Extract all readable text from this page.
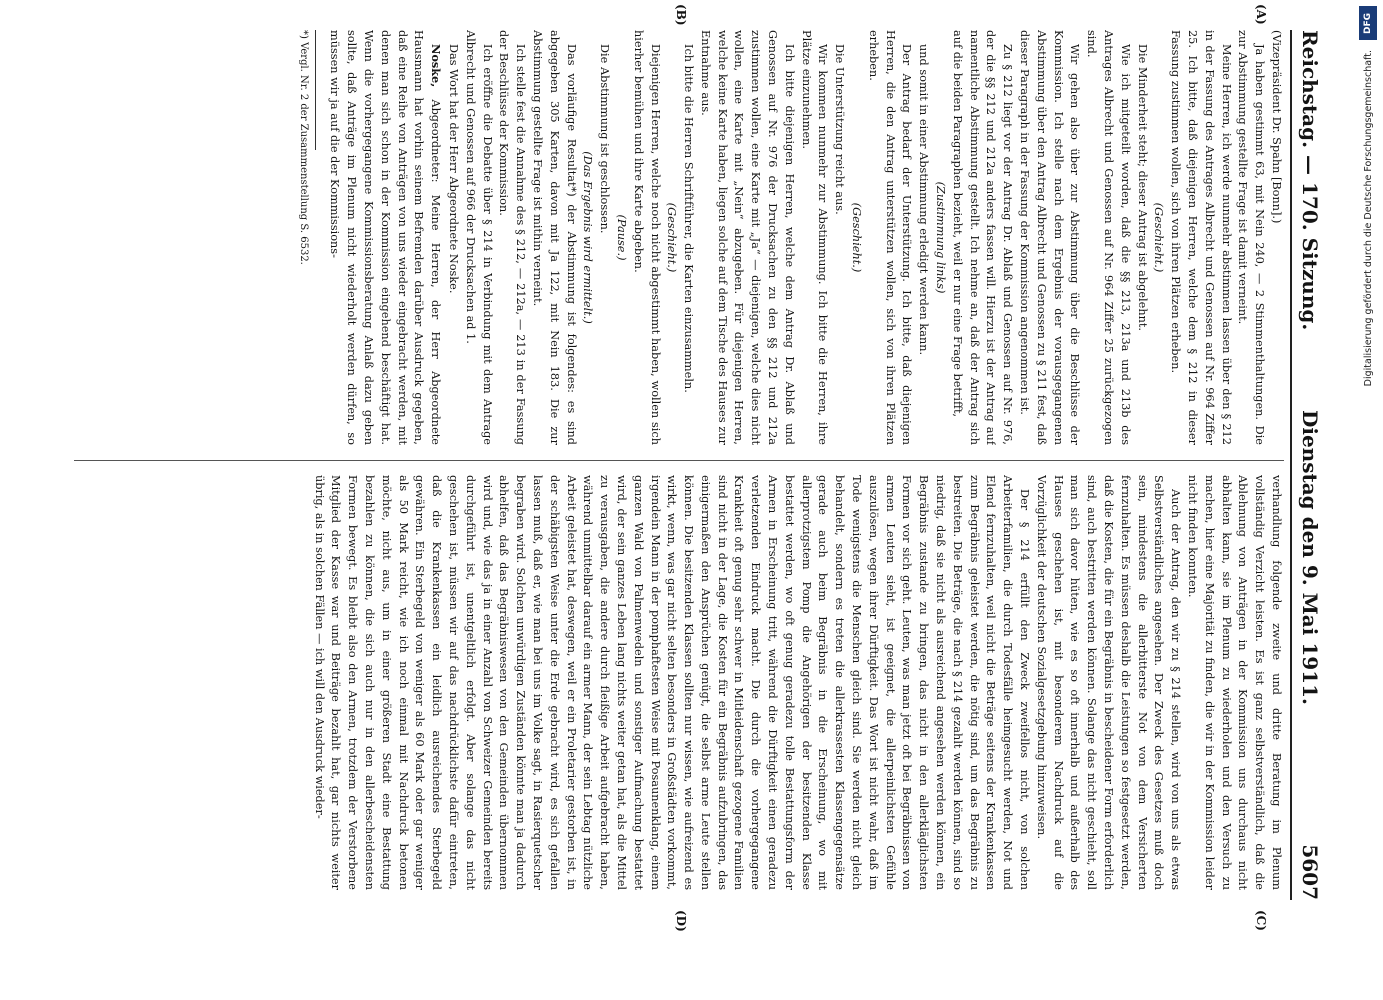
Reichstag. — 170. Sitzung.
Dienstag den 9. Mai 1911.
5607

(Vizepräsident Dr. Spahn [Bonn].)

Ja haben gestimmt 63, mit Nein 240, — 2 Stimmenthaltungen. Die zur Abstimmung gestellte Frage ist damit verneint.

Meine Herren, ich werde nunmehr abstimmen lassen über den § 212 in der Fassung des Antrages Albrecht und Genossen auf Nr. 964 Ziffer 25. Ich bitte, daß diejenigen Herren, welche dem § 212 in dieser Fassung zustimmen wollen, sich von ihren Plätzen erheben.

(Geschieht.)

Die Minderheit steht; dieser Antrag ist abgelehnt.

Wie ich mitgeteilt worden, daß die §§ 213, 213a und 213b des Antrages Albrecht und Genossen auf Nr. 964 Ziffer 25 zurückgezogen sind.

Wir gehen also über zur Abstimmung über die Beschlüsse der Kommission. Ich stelle nach dem Ergebnis der vorausgegangenen Abstimmung über den Antrag Albrecht und Genossen zu § 211 fest, daß dieser Paragraph in der Fassung der Kommission angenommen ist.

Zu § 212 liegt vor der Antrag Dr. Ablaß und Genossen auf Nr. 976, der die §§ 212 und 212a anders fassen will. Hierzu ist der Antrag auf namentliche Abstimmung gestellt. Ich nehme an, daß der Antrag sich auf die beiden Paragraphen bezieht, weil er nur eine Frage betrifft,

(Zustimmung links)

und somit in einer Abstimmung erledigt werden kann.

Der Antrag bedarf der Unterstützung. Ich bitte, daß diejenigen Herren, die den Antrag unterstützen wollen, sich von ihren Plätzen erheben.

(Geschieht.)

Die Unterstützung reicht aus.

Wir kommen nunmehr zur Abstimmung. Ich bitte die Herren, ihre Plätze einzunehmen.

Ich bitte diejenigen Herren, welche dem Antrag Dr. Ablaß und Genossen auf Nr. 976 der Drucksachen zu den §§ 212 und 212a zustimmen wollen, eine Karte mit „Ja“ — diejenigen, welche dies nicht wollen, eine Karte mit „Nein“ abzugeben. Für diejenigen Herren, welche keine Karte haben, liegen solche auf dem Tische des Hauses zur Entnahme aus.

Ich bitte die Herren Schriftführer, die Karten einzusammeln.

(Geschieht.)

Diejenigen Herren, welche noch nicht abgestimmt haben, wollen sich hierher bemühen und ihre Karte abgeben.

(Pause.)

Die Abstimmung ist geschlossen.

(Das Ergebnis wird ermittelt.)

Das vorläufige Resultat*) der Abstimmung ist folgendes: es sind abgegeben 305 Karten, davon mit Ja 122, mit Nein 183. Die zur Abstimmung gestellte Frage ist mithin verneint.

Ich stelle fest die Annahme des § 212, — 212a, — 213 in der Fassung der Beschlüsse der Kommission.

Ich eröffne die Debatte über § 214 in Verbindung mit dem Antrage Albrecht und Genossen auf 966 der Drucksachen ad 1.

Das Wort hat der Herr Abgeordnete Noske.

Noske, Abgeordneter: Meine Herren, der Herr Abgeordnete Hausmann hat vorhin seinem Befremden darüber Ausdruck gegeben, daß eine Reihe von Anträgen von uns wieder eingebracht werden, mit denen man sich schon in der Kommission eingehend beschäftigt hat. Wenn die vorhergegangene Kommissionsberatung Anlaß dazu geben sollte, daß Anträge im Plenum nicht wiederholt werden dürfen, so müssen wir ja auf die der Kommissions-

*) Vergl. Nr. 2 der Zusammenstellung S. 6532.

verhandlung folgende zweite und dritte Beratung im Plenum vollständig Verzicht leisten. Es ist ganz selbstverständlich, daß die Ablehnung von Anträgen in der Kommission uns durchaus nicht abhalten kann, sie im Plenum zu wiederholen und den Versuch zu machen, hier eine Majorität zu finden, die wir in der Kommission leider nicht finden konnten.

Auch der Antrag, den wir zu § 214 stellen, wird von uns als etwas Selbstverständliches angesehen. Der Zweck des Gesetzes muß doch sein, mindestens die allerbitterste Not von dem Versicherten fernzuhalten. Es müssen deshalb die Leistungen so festgesetzt werden, daß die Kosten, die für ein Begräbnis in bescheidener Form erforderlich sind, auch bestritten werden können. Solange das nicht geschieht, soll man sich davor hüten, wie es so oft innerhalb und außerhalb des Hauses geschehen ist, mit besonderem Nachdruck auf die Vorzüglichkeit der deutschen Sozialgesetzgebung hinzuweisen.

Der § 214 erfüllt den Zweck zweifellos nicht, von solchen Arbeiterfamilien, die durch Todesfälle heimgesucht werden, Not und Elend fernzuhalten, weil nicht die Beträge seitens der Krankenkassen zum Begräbnis geleistet werden, die nötig sind, um das Begräbnis zu bestreiten. Die Beträge, die nach § 214 gezahlt werden können, sind so niedrig, daß sie nicht als ausreichend angesehen werden können, ein Begräbnis zustande zu bringen, das nicht in den allerkläglichsten Formen vor sich geht. Leuten, was man jetzt oft bei Begräbnissen von armen Leuten sieht, ist geeignet, die allerpeinlichsten Gefühle auszulösen, wegen ihrer Dürftigkeit. Das Wort ist nicht wahr, daß im Tode wenigstens die Menschen gleich sind. Sie werden nicht gleich behandelt, sondern es treten die allerkrassesten Klassengegensätze gerade auch beim Begräbnis in die Erscheinung, wo mit allerprotzigstem Pomp die Angehörigen der besitzenden Klasse bestattet werden, wo oft genug geradezu tolle Bestattungsform der Armen in Erscheinung tritt, während die Dürftigkeit einen geradezu verletzenden Eindruck macht. Die durch die vorhergegangene Krankheit oft genug sehr schwer in Mitleidenschaft gezogene Familien sind nicht in der Lage, die Kosten für ein Begräbnis aufzubringen, das einigermaßen den Ansprüchen genügt, die selbst arme Leute stellen können. Die besitzenden Klassen sollten nur wissen, wie aufreizend es wirkt, wenn, was gar nicht selten besonders in Großstädten vorkommt, irgendein Mann in der pomphaftesten Weise mit Posaunenklang, einem ganzen Wald von Palmenwedeln und sonstiger Aufmachung bestattet wird, der sein ganzes Leben lang nichts weiter getan hat, als die Mittel zu verausgaben, die andere durch fleißige Arbeit aufgebracht haben, während unmittelbar darauf ein armer Mann, der sein Lebtag nützliche Arbeit geleistet hat, deswegen, weil er ein Proletarier gestorben ist, in der schäbigsten Weise unter die Erde gebracht wird, es sich gefallen lassen muß, daß er, wie man bei uns im Volke sagt, in Rasierquetscher begraben wird. Solchen unwürdigen Zuständen könnte man ja dadurch abhelfen, daß das Begräbniswesen von den Gemeinden übernommen wird und, wie das ja in einer Anzahl von Schweizer Gemeinden bereits durchgeführt ist, unentgeltlich erfolgt. Aber solange das nicht geschehen ist, müssen wir auf das nachdrücklichste dafür eintreten, daß die Krankenkassen ein leidlich ausreichendes Sterbegeld gewähren. Ein Sterbegeld von weniger als 60 Mark oder gar weniger als 50 Mark reicht, wie ich noch einmal mit Nachdruck betonen möchte, nicht aus, um in einer größeren Stadt eine Bestattung bezahlen zu können, die sich auch nur in den allerbescheidensten Formen bewegt. Es bleibt also den Armen, trotzdem der Verstorbene Mitglied der Kasse war und Beiträge bezahlt hat, gar nichts weiter übrig, als in solchen Fällen — ich will den Ausdruck wieder-

(A)
(B)
(C)
(D)
DFG
Digitalisierung gefördert durch die Deutsche Forschungsgemeinschaft.
